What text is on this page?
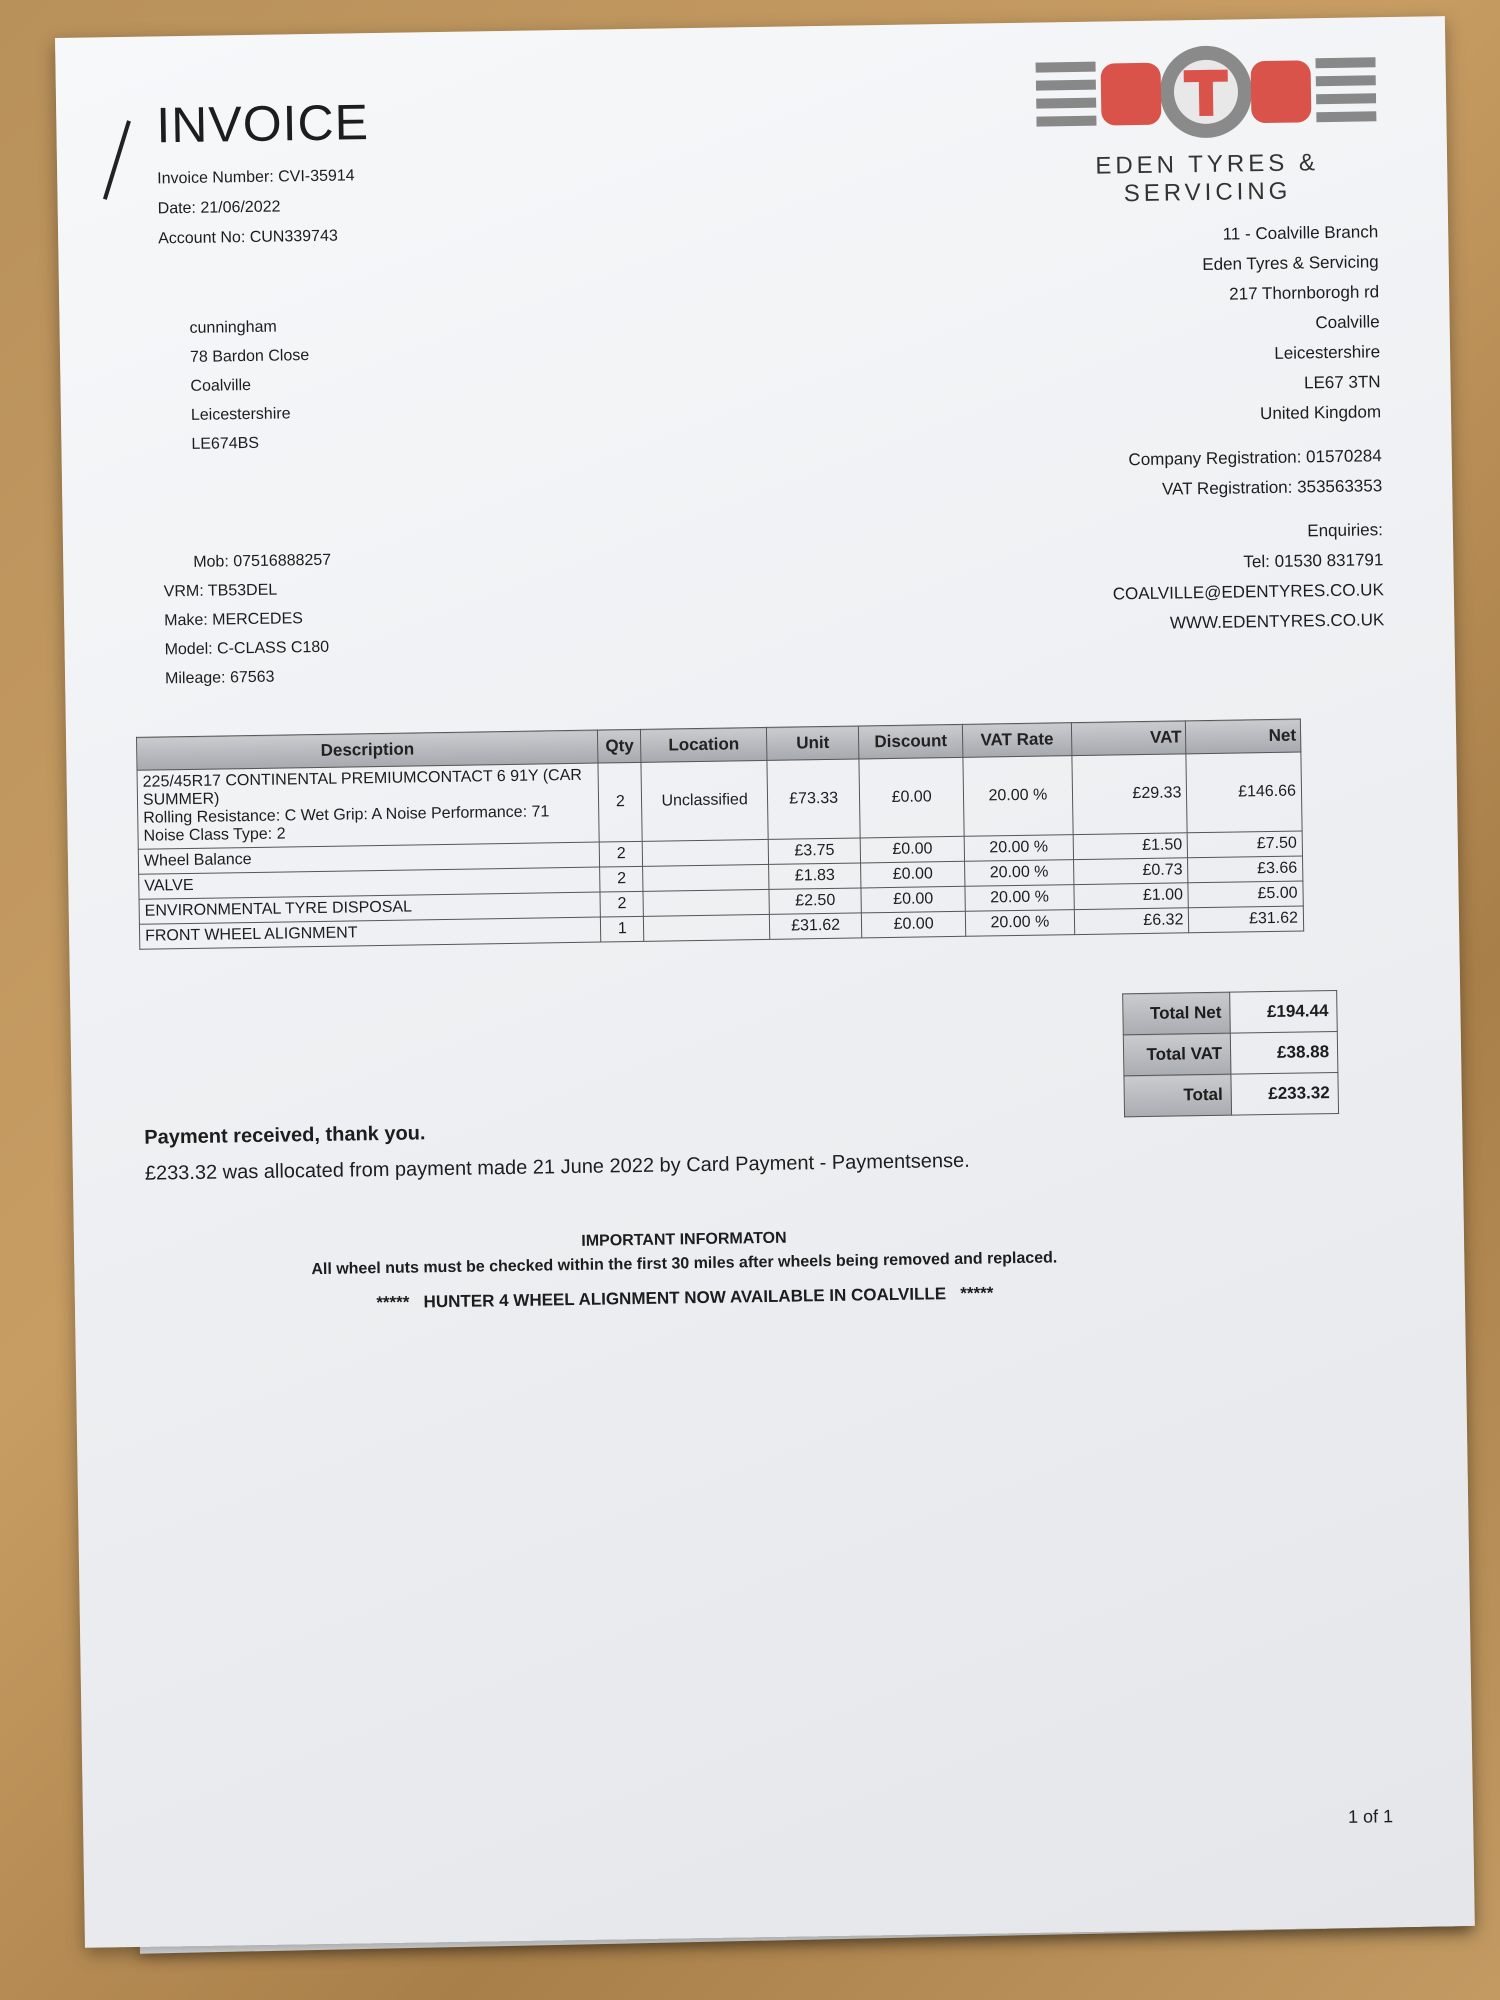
INVOICE
Invoice Number: CVI-35914
Date: 21/06/2022
Account No: CUN339743
cunningham
78 Bardon Close
Coalville
Leicestershire
LE674BS
Mob: 07516888257
VRM: TB53DEL
Make: MERCEDES
Model: C-CLASS C180
Mileage: 67563
EDEN TYRES & SERVICING
11 - Coalville Branch
Eden Tyres & Servicing
217 Thornborogh rd
Coalville
Leicestershire
LE67 3TN
United Kingdom
Company Registration: 01570284
VAT Registration: 353563353
Enquiries:
Tel: 01530 831791
COALVILLE@EDENTYRES.CO.UK
WWW.EDENTYRES.CO.UK
Description	Qty	Location	Unit	Discount	VAT Rate	VAT	Net

225/45R17 CONTINENTAL PREMIUMCONTACT 6 91Y (CAR SUMMER)
Rolling Resistance: C Wet Grip: A Noise Performance: 71 Noise Class Type: 2	2	Unclassified	£73.33	£0.00	20.00 %	£29.33	£146.66
Wheel Balance	2		£3.75	£0.00	20.00 %	£1.50	£7.50
VALVE	2		£1.83	£0.00	20.00 %	£0.73	£3.66
ENVIRONMENTAL TYRE DISPOSAL	2		£2.50	£0.00	20.00 %	£1.00	£5.00
FRONT WHEEL ALIGNMENT	1		£31.62	£0.00	20.00 %	£6.32	£31.62
Total Net	£194.44
Total VAT	£38.88
Total	£233.32
Payment received, thank you.
£233.32 was allocated from payment made 21 June 2022 by Card Payment - Paymentsense.
IMPORTANT INFORMATON
All wheel nuts must be checked within the first 30 miles after wheels being removed and replaced.
*****   HUNTER 4 WHEEL ALIGNMENT NOW AVAILABLE IN COALVILLE   *****
1 of 1
